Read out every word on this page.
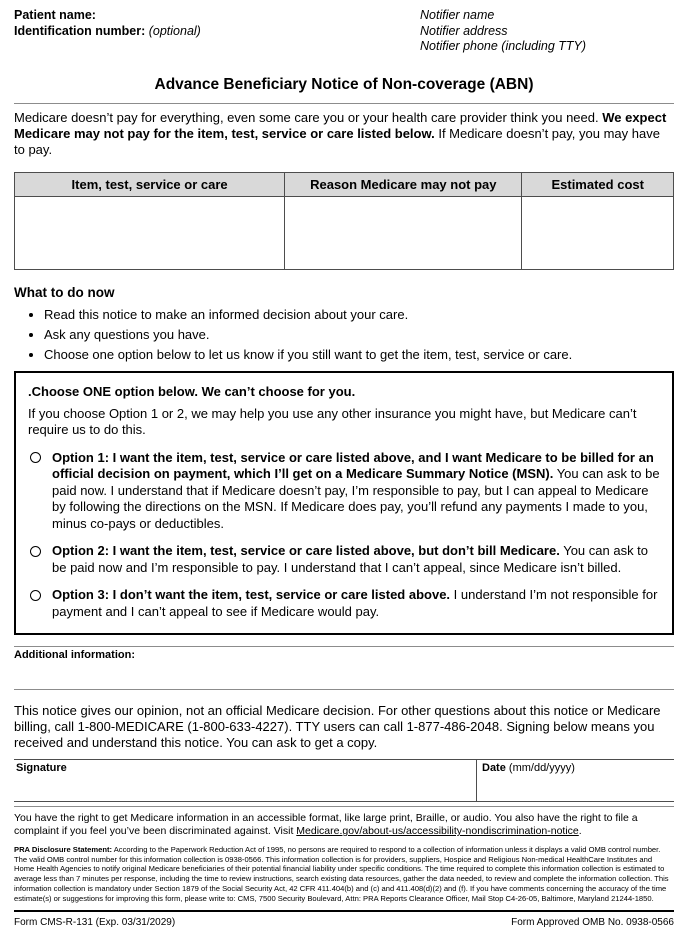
Patient name:
Identification number: (optional)
Notifier name
Notifier address
Notifier phone (including TTY)
Advance Beneficiary Notice of Non-coverage (ABN)

Medicare doesn’t pay for everything, even some care you or your health care provider think you need. We expect Medicare may not pay for the item, test, service or care listed below. If Medicare doesn’t pay, you may have to pay.

Item, test, service or care	Reason Medicare may not pay	Estimated cost

What to do now
• Read this notice to make an informed decision about your care.
• Ask any questions you have.
• Choose one option below to let us know if you still want to get the item, test, service or care.
.Choose ONE option below. We can’t choose for you.

If you choose Option 1 or 2, we may help you use any other insurance you might have, but Medicare can’t require us to do this.

Option 1: I want the item, test, service or care listed above, and I want Medicare to be billed for an official decision on payment, which I’ll get on a Medicare Summary Notice (MSN). You can ask to be paid now. I understand that if Medicare doesn’t pay, I’m responsible to pay, but I can appeal to Medicare by following the directions on the MSN. If Medicare does pay, you’ll refund any payments I made to you, minus co-pays or deductibles.

Option 2: I want the item, test, service or care listed above, but don’t bill Medicare. You can ask to be paid now and I’m responsible to pay. I understand that I can’t appeal, since Medicare isn’t billed.

Option 3: I don’t want the item, test, service or care listed above. I understand I’m not responsible for payment and I can’t appeal to see if Medicare would pay.

Additional information:

This notice gives our opinion, not an official Medicare decision. For other questions about this notice or Medicare billing, call 1-800-MEDICARE (1-800-633-4227). TTY users can call 1-877-486-2048. Signing below means you received and understand this notice. You can ask to get a copy.

Signature	Date (mm/dd/yyyy)

You have the right to get Medicare information in an accessible format, like large print, Braille, or audio. You also have the right to file a complaint if you feel you’ve been discriminated against. Visit Medicare.gov/about-us/accessibility-nondiscrimination-notice.

PRA Disclosure Statement: According to the Paperwork Reduction Act of 1995, no persons are required to respond to a collection of information unless it displays a valid OMB control number. The valid OMB control number for this information collection is 0938-0566. This information collection is for providers, suppliers, Hospice and Religious Non-medical HealthCare Institutes and Home Health Agencies to notify original Medicare beneficiaries of their potential financial liability under specific conditions. The time required to complete this information collection is estimated to average less than 7 minutes per response, including the time to review instructions, search existing data resources, gather the data needed, to review and complete the information collection. This information collection is mandatory under Section 1879 of the Social Security Act, 42 CFR 411.404(b) and (c) and 411.408(d)(2) and (f). If you have comments concerning the accuracy of the time estimate(s) or suggestions for improving this form, please write to: CMS, 7500 Security Boulevard, Attn: PRA Reports Clearance Officer, Mail Stop C4-26-05, Baltimore, Maryland 21244-1850.

Form CMS-R-131 (Exp. 03/31/2029)	Form Approved OMB No. 0938-0566
